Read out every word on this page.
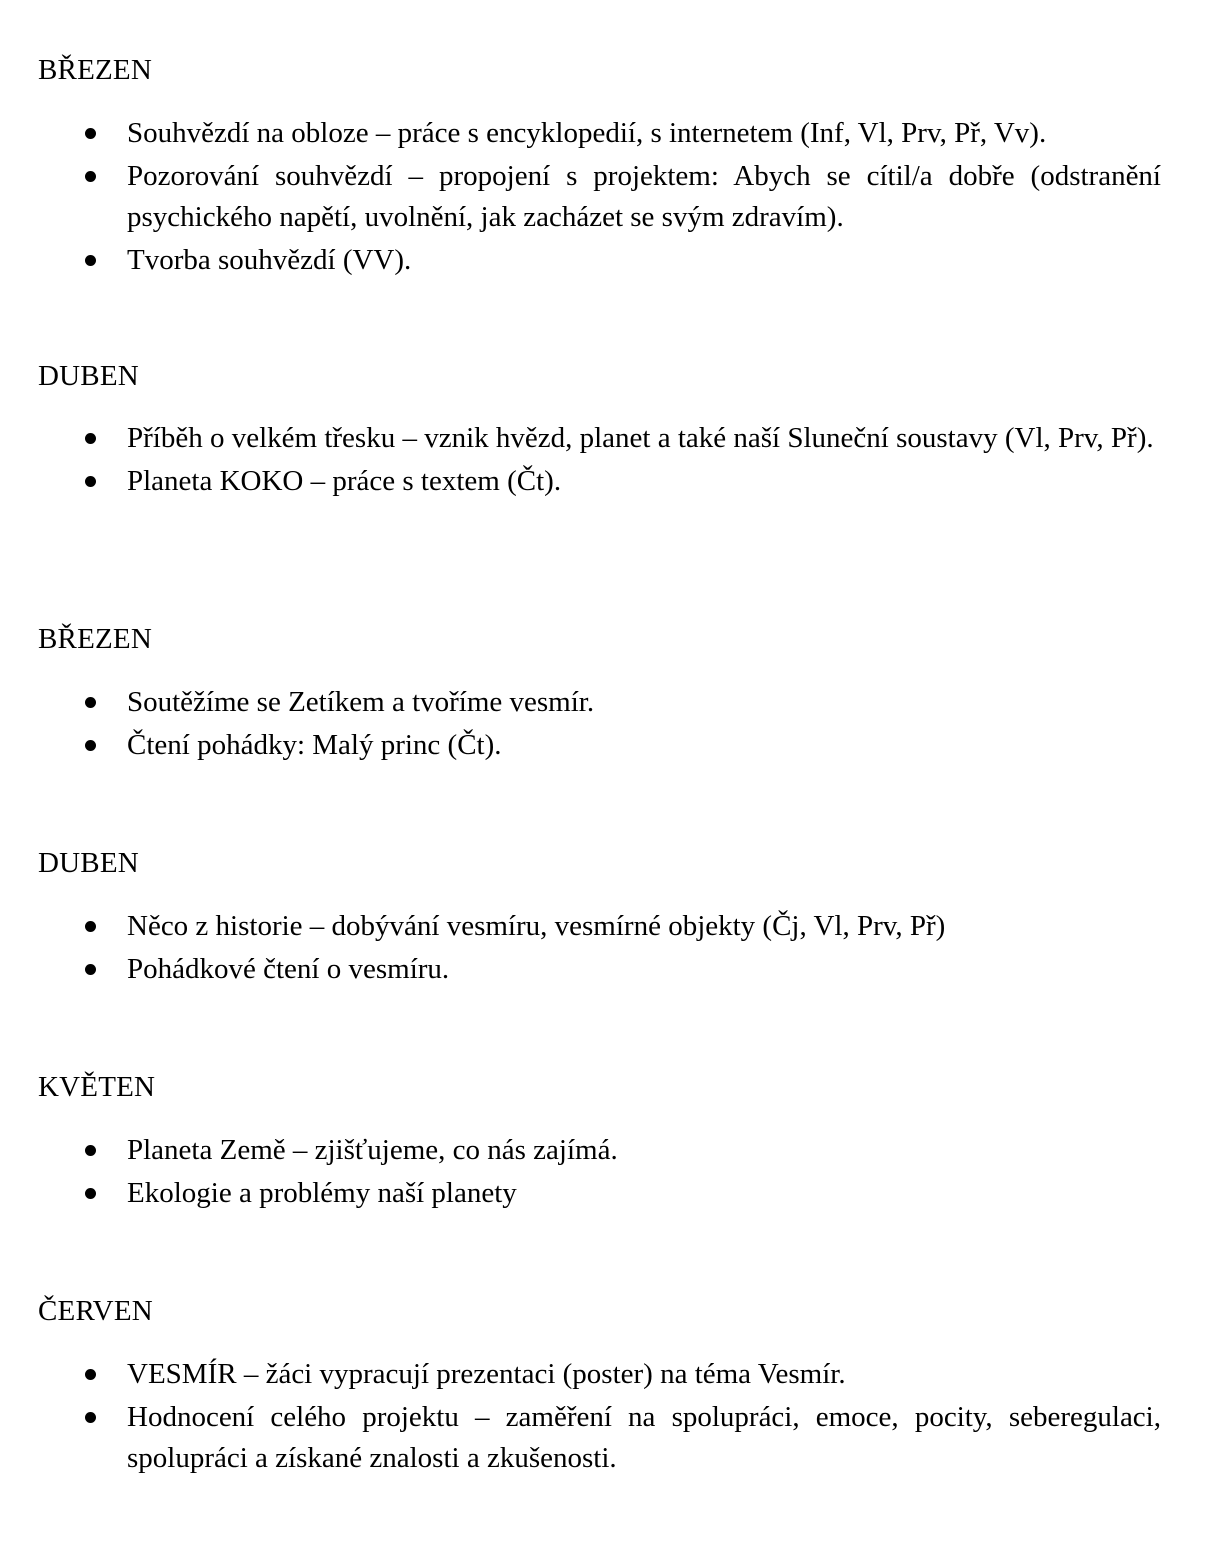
BŘEZEN
Souhvězdí na obloze – práce s encyklopedií, s internetem (Inf, Vl, Prv, Př, Vv).
Pozorování souhvězdí – propojení s projektem: Abych se cítil/a dobře (odstranění psychického napětí, uvolnění, jak zacházet se svým zdravím).
Tvorba souhvězdí (VV).
DUBEN
Příběh o velkém třesku – vznik hvězd, planet a také naší Sluneční soustavy (Vl, Prv, Př).
Planeta KOKO – práce s textem (Čt).
BŘEZEN
Soutěžíme se Zetíkem a tvoříme vesmír.
Čtení pohádky: Malý princ (Čt).
DUBEN
Něco z historie – dobývání vesmíru, vesmírné objekty (Čj, Vl, Prv, Př)
Pohádkové čtení o vesmíru.
KVĚTEN
Planeta Země – zjišťujeme, co nás zajímá.
Ekologie a problémy naší planety
ČERVEN
VESMÍR – žáci vypracují prezentaci (poster) na téma Vesmír.
Hodnocení celého projektu – zaměření na spolupráci, emoce, pocity, seberegulaci, spolupráci a získané znalosti a zkušenosti.
